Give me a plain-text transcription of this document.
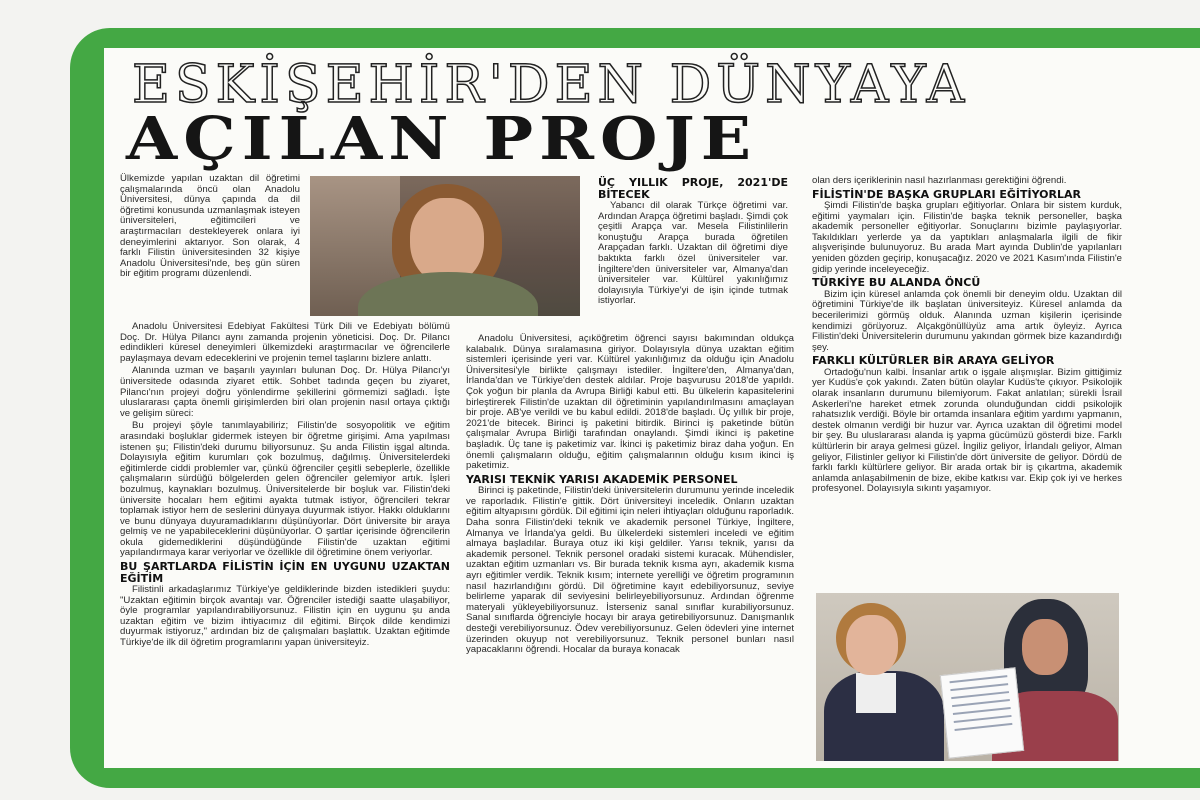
ESKİŞEHİR'DEN DÜNYAYA
AÇILAN PROJE

Ülkemizde yapılan uzaktan dil öğretimi çalışmalarında öncü olan Anadolu Üniversitesi, dünya çapında da dil öğretimi konusunda uzmanlaşmak isteyen üniversiteleri, eğitimcileri ve araştırmacıları destekleyerek onlara iyi deneyimlerini aktarıyor. Son olarak, 4 farklı Filistin üniversitesinden 32 kişiye Anadolu Üniversitesi'nde, beş gün süren bir eğitim programı düzenlendi.

Anadolu Üniversitesi Edebiyat Fakültesi Türk Dili ve Edebiyatı bölümü Doç. Dr. Hülya Pilancı aynı zamanda projenin yöneticisi. Doç. Dr. Pilancı edindikleri küresel deneyimleri ülkemizdeki araştırmacılar ve öğrencilerle paylaşmaya devam edeceklerini ve projenin temel taşlarını bizlere anlattı.

Alanında uzman ve başarılı yayınları bulunan Doç. Dr. Hülya Pilancı'yı üniversitede odasında ziyaret ettik. Sohbet tadında geçen bu ziyaret, Pilancı'nın projeyi doğru yönlendirme şekillerini görmemizi sağladı. İşte uluslararası çapta önemli girişimlerden biri olan projenin nasıl ortaya çıktığı ve gelişim süreci:

Bu projeyi şöyle tanımlayabiliriz; Filistin'de sosyopolitik ve eğitim arasındaki boşluklar gidermek isteyen bir öğretme girişimi. Ama yapılması istenen şu; Filistin'deki durumu biliyorsunuz. Şu anda Filistin işgal altında. Dolayısıyla eğitim kurumları çok bozulmuş, dağılmış. Üniversitelerdeki eğitimlerde ciddi problemler var, çünkü öğrenciler çeşitli sebeplerle, özellikle çalışmaların sürdüğü bölgelerden gelen öğrenciler gelemiyor artık. İşleri bozulmuş, kaynakları bozulmuş. Üniversitelerde bir boşluk var. Filistin'deki üniversite hocaları hem eğitimi ayakta tutmak istiyor, öğrencileri tekrar toplamak istiyor hem de seslerini dünyaya duyurmak istiyor. Hakkı olduklarını ve bunu dünyaya duyuramadıklarını düşünüyorlar. Dört üniversite bir araya gelmiş ve ne yapabileceklerini düşünüyorlar. O şartlar içerisinde öğrencilerin okula gidemediklerini düşündüğünde Filistin'de uzaktan eğitimi yapılandırmaya karar veriyorlar ve özellikle dil öğretimine önem veriyorlar.

BU ŞARTLARDA FİLİSTİN İÇİN EN UYGUNU UZAKTAN EĞİTİM

Filistinli arkadaşlarımız Türkiye'ye geldiklerinde bizden istedikleri şuydu: "Uzaktan eğitimin birçok avantajı var. Öğrenciler istediği saatte ulaşabiliyor, öyle programlar yapılandırabiliyorsunuz. Filistin için en uygunu şu anda uzaktan eğitim ve bizim ihtiyacımız dil eğitimi. Birçok dilde kendimizi duyurmak istiyoruz," ardından biz de çalışmaları başlattık. Uzaktan eğitimde Türkiye'de ilk dil öğretim programlarını yapan üniversiteyiz.

ÜÇ YILLIK PROJE, 2021'DE BİTECEK

Yabancı dil olarak Türkçe öğretimi var. Ardından Arapça öğretimi başladı. Şimdi çok çeşitli Arapça var. Mesela Filistinlilerin konuştuğu Arapça burada öğretilen Arapçadan farklı. Uzaktan dil öğretimi diye baktıkta farklı özel üniversiteler var. İngiltere'den üniversiteler var, Almanya'dan üniversiteler var. Kültürel yakınlığımız dolayısıyla Türkiye'yi de işin içinde tutmak istiyorlar.

Anadolu Üniversitesi, açıköğretim öğrenci sayısı bakımından oldukça kalabalık. Dünya sıralamasına giriyor. Dolayısıyla dünya uzaktan eğitim sistemleri içerisinde yeri var. Kültürel yakınlığımız da olduğu için Anadolu Üniversitesi'yle birlikte çalışmayı istediler. İngiltere'den, Almanya'dan, İrlanda'dan ve Türkiye'den destek aldılar. Proje başvurusu 2018'de yapıldı. Çok yoğun bir planla da Avrupa Birliği kabul etti. Bu ülkelerin kapasitelerini birleştirerek Filistin'de uzaktan dil öğretiminin yapılandırılmasını amaçlayan bir proje. AB'ye verildi ve bu kabul edildi. 2018'de başladı. Üç yıllık bir proje, 2021'de bitecek. Birinci iş paketini bitirdik. Birinci iş paketinde bütün çalışmalar Avrupa Birliği tarafından onaylandı. Şimdi ikinci iş paketine başladık. Üç tane iş paketimiz var. İkinci iş paketimiz biraz daha yoğun. En önemli çalışmaların olduğu, eğitim çalışmalarının olduğu kısım ikinci iş paketimiz.

YARISI TEKNİK YARISI AKADEMİK PERSONEL

Birinci iş paketinde, Filistin'deki üniversitelerin durumunu yerinde inceledik ve raporladık. Filistin'e gittik. Dört üniversiteyi inceledik. Onların uzaktan eğitim altyapısını gördük. Dil eğitimi için neleri ihtiyaçları olduğunu raporladık. Daha sonra Filistin'deki teknik ve akademik personel Türkiye, İngiltere, Almanya ve İrlanda'ya geldi. Bu ülkelerdeki sistemleri inceledi ve eğitim almaya başladılar. Buraya otuz iki kişi geldiler. Yarısı teknik, yarısı da akademik personel. Teknik personel oradaki sistemi kuracak. Mühendisler, uzaktan eğitim uzmanları vs. Bir burada teknik kısma ayrı, akademik kısma ayrı eğitimler verdik. Teknik kısım; internete yerelliği ve öğretim programının nasıl hazırlandığını gördü. Dil öğretimine kayıt edebiliyorsunuz, seviye belirleme yaparak dil seviyesini belirleyebiliyorsunuz. Ardından öğrenme materyali yükleyebiliyorsunuz. İsterseniz sanal sınıflar kurabiliyorsunuz. Sanal sınıflarda öğrenciyle hocayı bir araya getirebiliyorsunuz. Danışmanlık desteği verebiliyorsunuz. Ödev verebiliyorsunuz. Gelen ödevleri yine internet üzerinden okuyup not verebiliyorsunuz. Teknik personel bunları nasıl yapacaklarını öğrendi. Hocalar da buraya konacak

olan ders içeriklerinin nasıl hazırlanması gerektiğini öğrendi.

FİLİSTİN'DE BAŞKA GRUPLARI EĞİTİYORLAR

Şimdi Filistin'de başka grupları eğitiyorlar. Onlara bir sistem kurduk, eğitimi yaymaları için. Filistin'de başka teknik personeller, başka akademik personeller eğitiyorlar. Sonuçlarını bizimle paylaşıyorlar. Takıldıkları yerlerde ya da yaptıkları anlaşmalarla ilgili de fikir alışverişinde bulunuyoruz. Bu arada Mart ayında Dublin'de yapılanları yeniden gözden geçirip, konuşacağız. 2020 ve 2021 Kasım'ında Filistin'e gidip yerinde inceleyeceğiz.

TÜRKİYE BU ALANDA ÖNCÜ

Bizim için küresel anlamda çok önemli bir deneyim oldu. Uzaktan dil öğretimini Türkiye'de ilk başlatan üniversiteyiz. Küresel anlamda da becerilerimizi görmüş olduk. Alanında uzman kişilerin içerisinde kendimizi görüyoruz. Alçakgönüllüyüz ama artık öyleyiz. Ayrıca Filistin'deki Üniversitelerin durumunu yakından görmek bize kazandırdığı şey.

FARKLI KÜLTÜRLER BİR ARAYA GELİYOR

Ortadoğu'nun kalbi. İnsanlar artık o işgale alışmışlar. Bizim gittiğimiz yer Kudüs'e çok yakındı. Zaten bütün olaylar Kudüs'te çıkıyor. Psikolojik olarak insanların durumunu bilemiyorum. Fakat anlatılan; sürekli İsrail Askerleri'ne hareket etmek zorunda olunduğundan ciddi psikolojik rahatsızlık verdiği. Böyle bir ortamda insanlara eğitim yardımı yapmanın, destek olmanın verdiği bir huzur var. Ayrıca uzaktan dil öğretimi model bir şey. Bu uluslararası alanda iş yapma gücümüzü gösterdi bize. Farklı kültürlerin bir araya gelmesi güzel. İngiliz geliyor, İrlandalı geliyor, Alman geliyor, Filistinler geliyor ki Filistin'de dört üniversite de geliyor. Dördü de farklı farklı kültürlere geliyor. Bir arada ortak bir iş çıkartma, akademik anlamda anlaşabilmenin de bize, ekibe katkısı var. Ekip çok iyi ve herkes profesyonel. Dolayısıyla sıkıntı yaşamıyor.
